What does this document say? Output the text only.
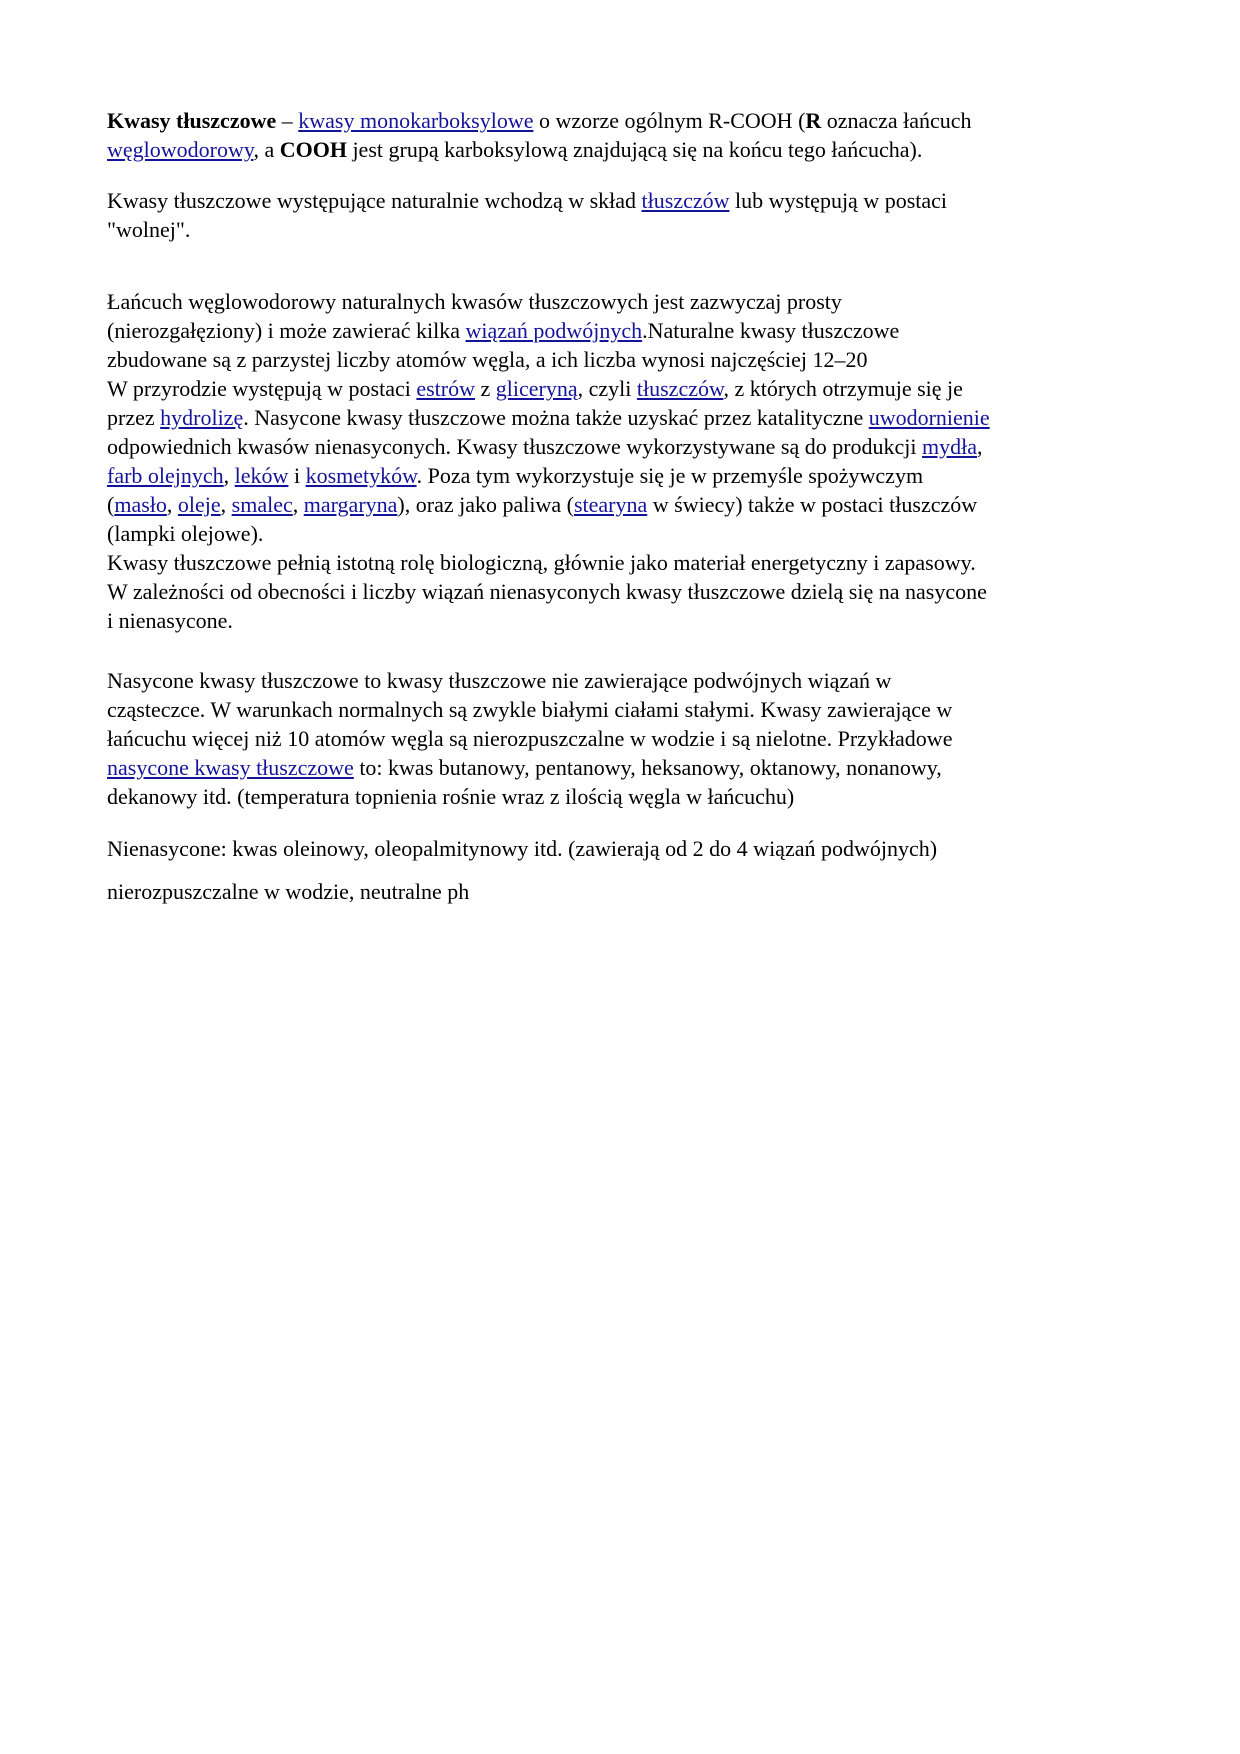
Kwasy tłuszczowe – kwasy monokarboksylowe o wzorze ogólnym R-COOH (R oznacza łańcuch
węglowodorowy, a COOH jest grupą karboksylową znajdującą się na końcu tego łańcucha).
Kwasy tłuszczowe występujące naturalnie wchodzą w skład tłuszczów lub występują w postaci
"wolnej".
Łańcuch węglowodorowy naturalnych kwasów tłuszczowych jest zazwyczaj prosty
(nierozgałęziony) i może zawierać kilka wiązań podwójnych.Naturalne kwasy tłuszczowe
zbudowane są z parzystej liczby atomów węgla, a ich liczba wynosi najczęściej 12–20
W przyrodzie występują w postaci estrów z gliceryną, czyli tłuszczów, z których otrzymuje się je
przez hydrolizę. Nasycone kwasy tłuszczowe można także uzyskać przez katalityczne uwodornienie
odpowiednich kwasów nienasyconych. Kwasy tłuszczowe wykorzystywane są do produkcji mydła,
farb olejnych, leków i kosmetyków. Poza tym wykorzystuje się je w przemyśle spożywczym
(masło, oleje, smalec, margaryna), oraz jako paliwa (stearyna w świecy) także w postaci tłuszczów
(lampki olejowe).
Kwasy tłuszczowe pełnią istotną rolę biologiczną, głównie jako materiał energetyczny i zapasowy.
W zależności od obecności i liczby wiązań nienasyconych kwasy tłuszczowe dzielą się na nasycone
i nienasycone.
Nasycone kwasy tłuszczowe to kwasy tłuszczowe nie zawierające podwójnych wiązań w
cząsteczce. W warunkach normalnych są zwykle białymi ciałami stałymi. Kwasy zawierające w
łańcuchu więcej niż 10 atomów węgla są nierozpuszczalne w wodzie i są nielotne. Przykładowe
nasycone kwasy tłuszczowe to: kwas butanowy, pentanowy, heksanowy, oktanowy, nonanowy,
dekanowy itd. (temperatura topnienia rośnie wraz z ilością węgla w łańcuchu)
Nienasycone: kwas oleinowy, oleopalmitynowy itd. (zawierają od 2 do 4 wiązań podwójnych)
nierozpuszczalne w wodzie, neutralne ph
